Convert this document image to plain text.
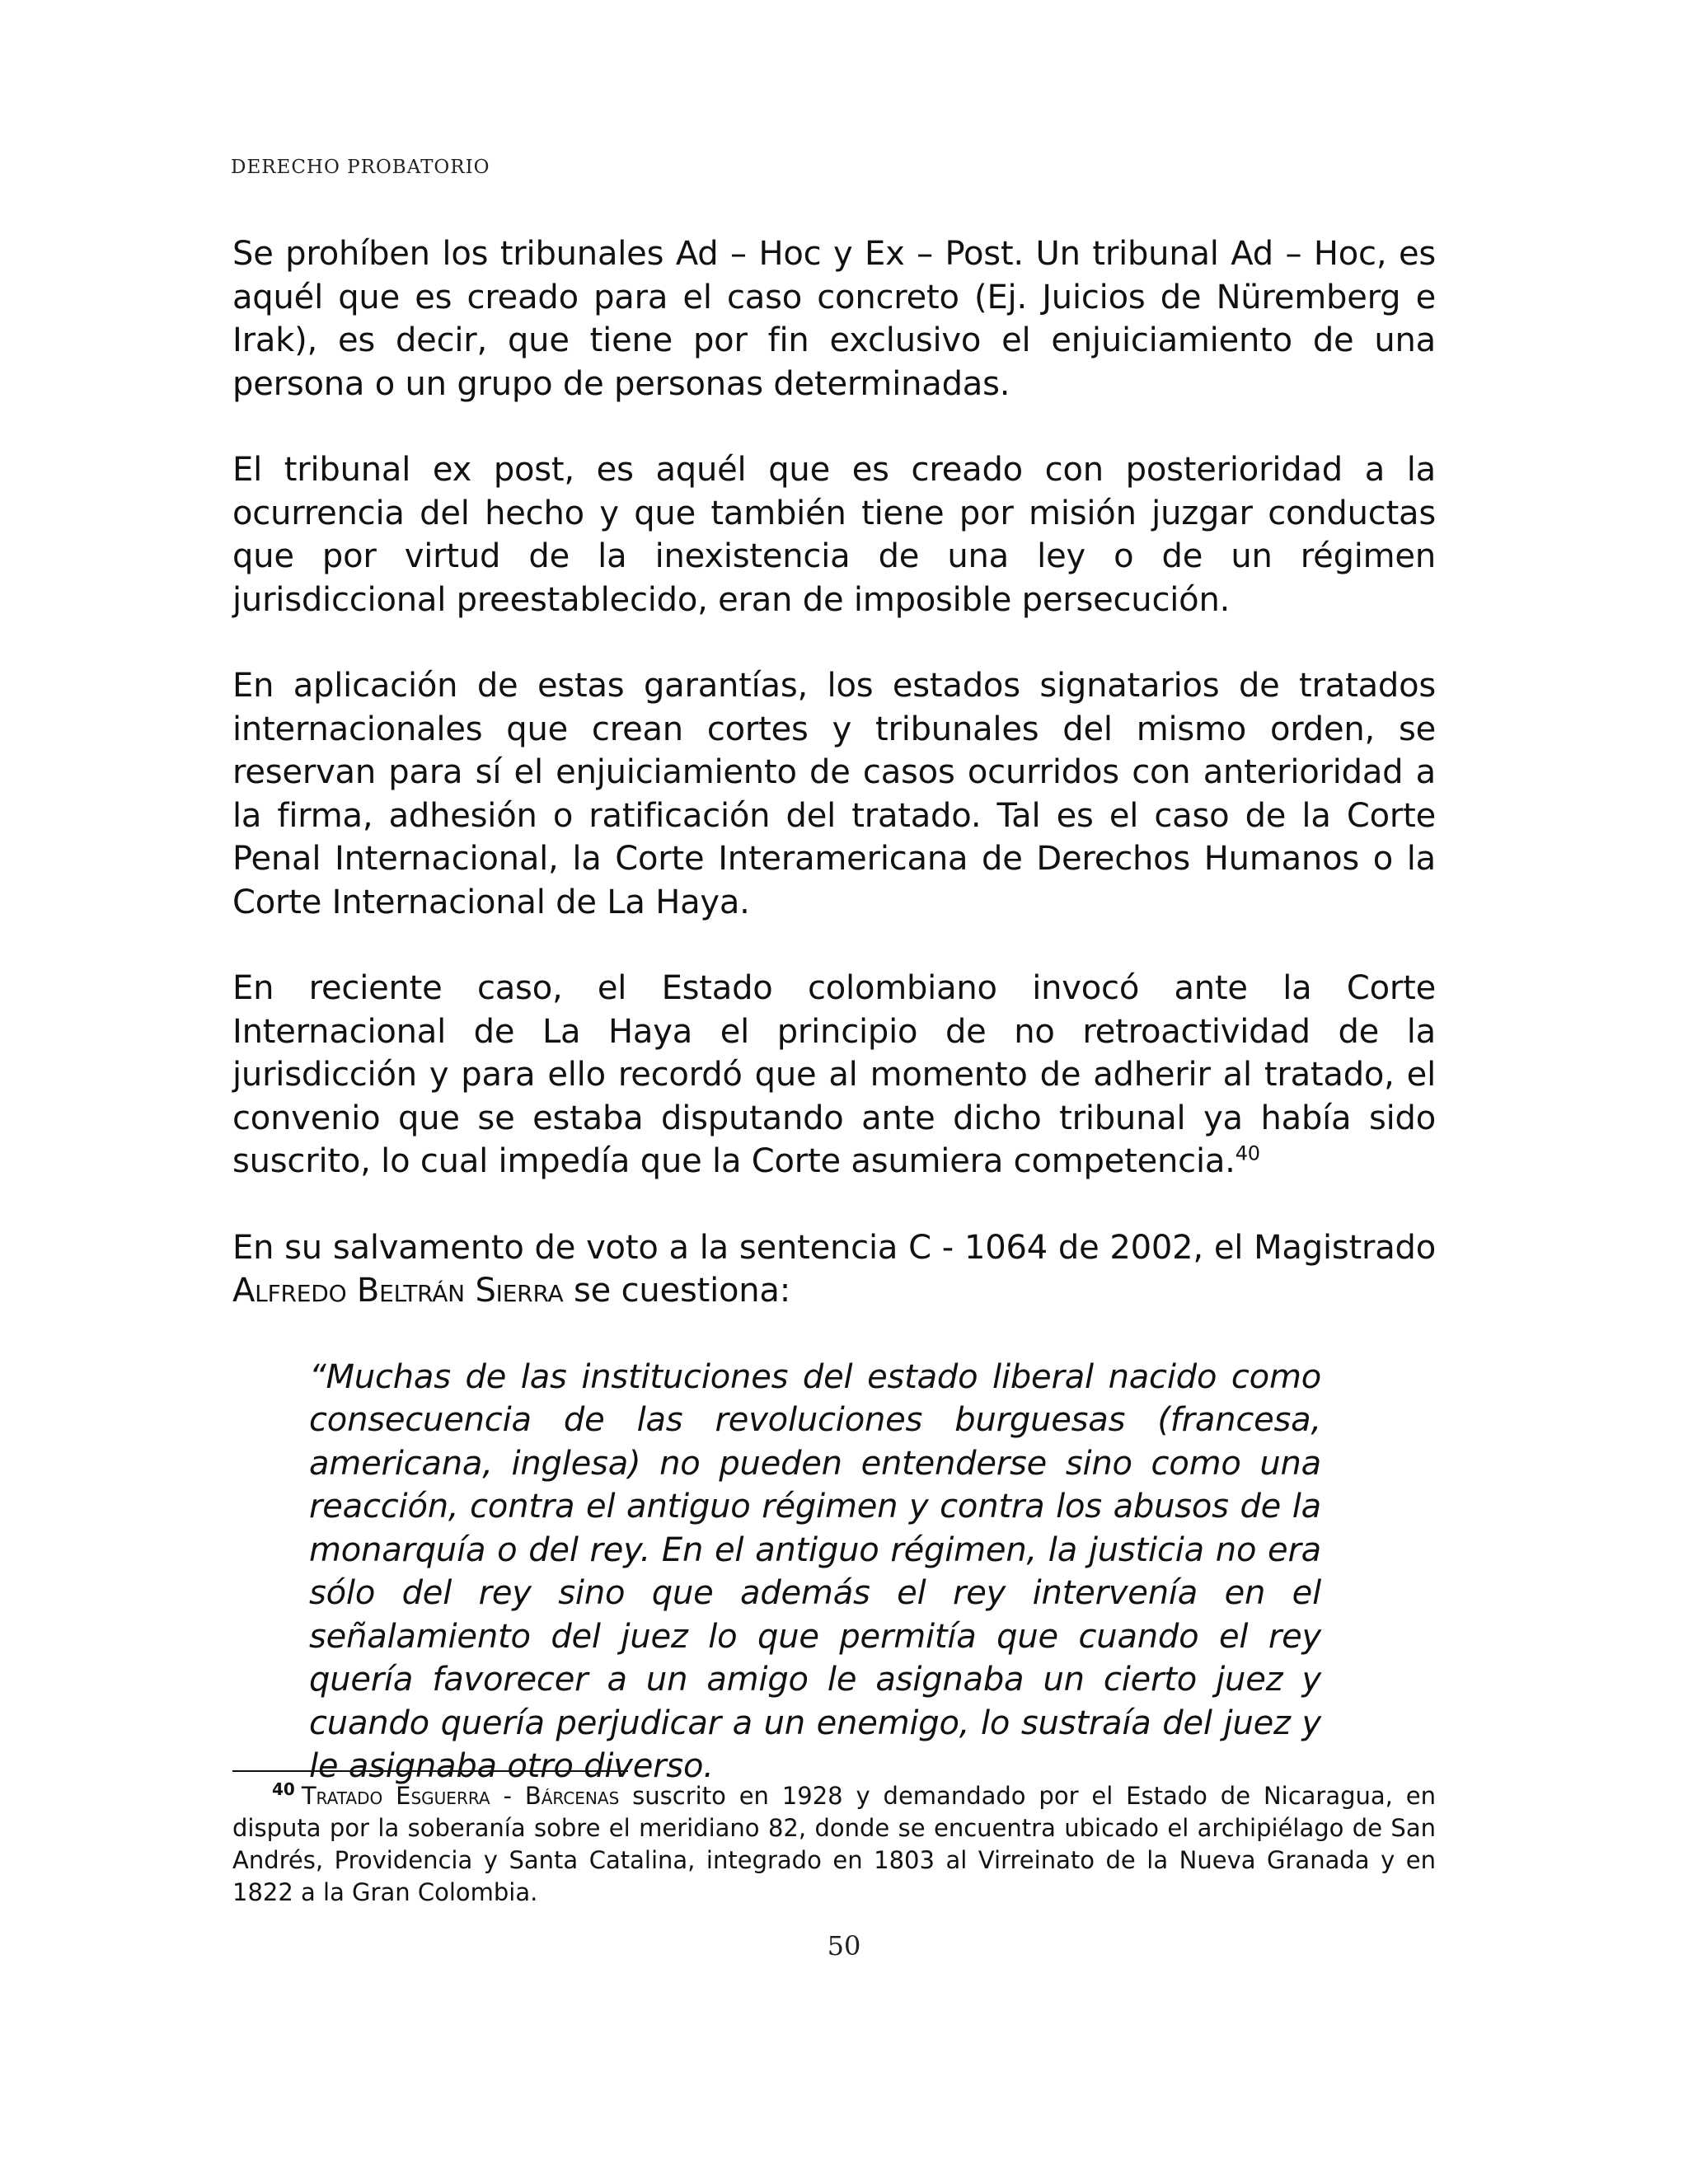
DERECHO PROBATORIO

Se prohíben los tribunales Ad – Hoc y Ex – Post. Un tribunal Ad – Hoc, es aquél que es creado para el caso concreto (Ej. Juicios de Nüremberg e Irak), es decir, que tiene por fin exclusivo el enjuiciamiento de una persona o un grupo de personas determinadas.

El tribunal ex post, es aquél que es creado con posterioridad a la ocurrencia del hecho y que también tiene por misión juzgar conductas que por virtud de la inexistencia de una ley o de un régimen jurisdiccional preestablecido, eran de imposible persecución.

En aplicación de estas garantías, los estados signatarios de tratados internacionales que crean cortes y tribunales del mismo orden, se reservan para sí el enjuiciamiento de casos ocurridos con anterioridad a la firma, adhesión o ratificación del tratado. Tal es el caso de la Corte Penal Internacional, la Corte Interamericana de Derechos Humanos o la Corte Internacional de La Haya.

En reciente caso, el Estado colombiano invocó ante la Corte Internacional de La Haya el principio de no retroactividad de la jurisdicción y para ello recordó que al momento de adherir al tratado, el convenio que se estaba disputando ante dicho tribunal ya había sido suscrito, lo cual impedía que la Corte asumiera competencia.$^{40}$

En su salvamento de voto a la sentencia C - 1064 de 2002, el Magistrado Alfredo Beltrán Sierra se cuestiona:

“Muchas de las instituciones del estado liberal nacido como consecuencia de las revoluciones burguesas (francesa, americana, inglesa) no pueden entenderse sino como una reacción, contra el antiguo régimen y contra los abusos de la monarquía o del rey. En el antiguo régimen, la justicia no era sólo del rey sino que además el rey intervenía en el señalamiento del juez lo que permitía que cuando el rey quería favorecer a un amigo le asignaba un cierto juez y cuando quería perjudicar a un enemigo, lo sustraía del juez y le asignaba otro diverso.

$^{40}$ Tratado Esguerra - Bárcenas suscrito en 1928 y demandado por el Estado de Nicaragua, en disputa por la soberanía sobre el meridiano 82, donde se encuentra ubicado el archipiélago de San Andrés, Providencia y Santa Catalina, integrado en 1803 al Virreinato de la Nueva Granada y en 1822 a la Gran Colombia.
50
